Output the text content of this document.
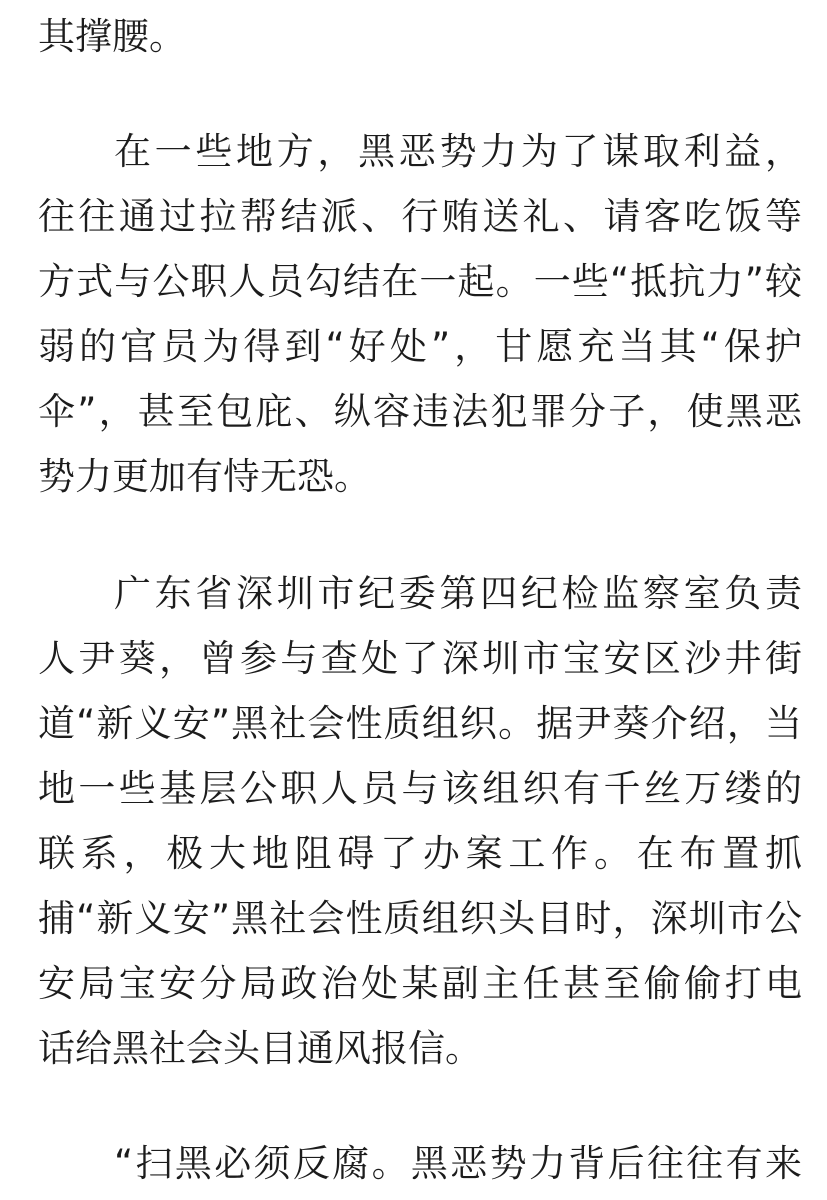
其撑腰。
在一些地方，黑恶势力为了谋取利益，
往往通过拉帮结派、行贿送礼、请客吃饭等
方式与公职人员勾结在一起。一些“抵抗力”较
弱的官员为得到“好处”，甘愿充当其“保护
伞”，甚至包庇、纵容违法犯罪分子，使黑恶
势力更加有恃无恐。
广东省深圳市纪委第四纪检监察室负责
人尹葵，曾参与查处了深圳市宝安区沙井街
道“新义安”黑社会性质组织。据尹葵介绍，当
地一些基层公职人员与该组织有千丝万缕的
联系，极大地阻碍了办案工作。在布置抓
捕“新义安”黑社会性质组织头目时，深圳市公
安局宝安分局政治处某副主任甚至偷偷打电
话给黑社会头目通风报信。
“扫黑必须反腐。黑恶势力背后往往有来
